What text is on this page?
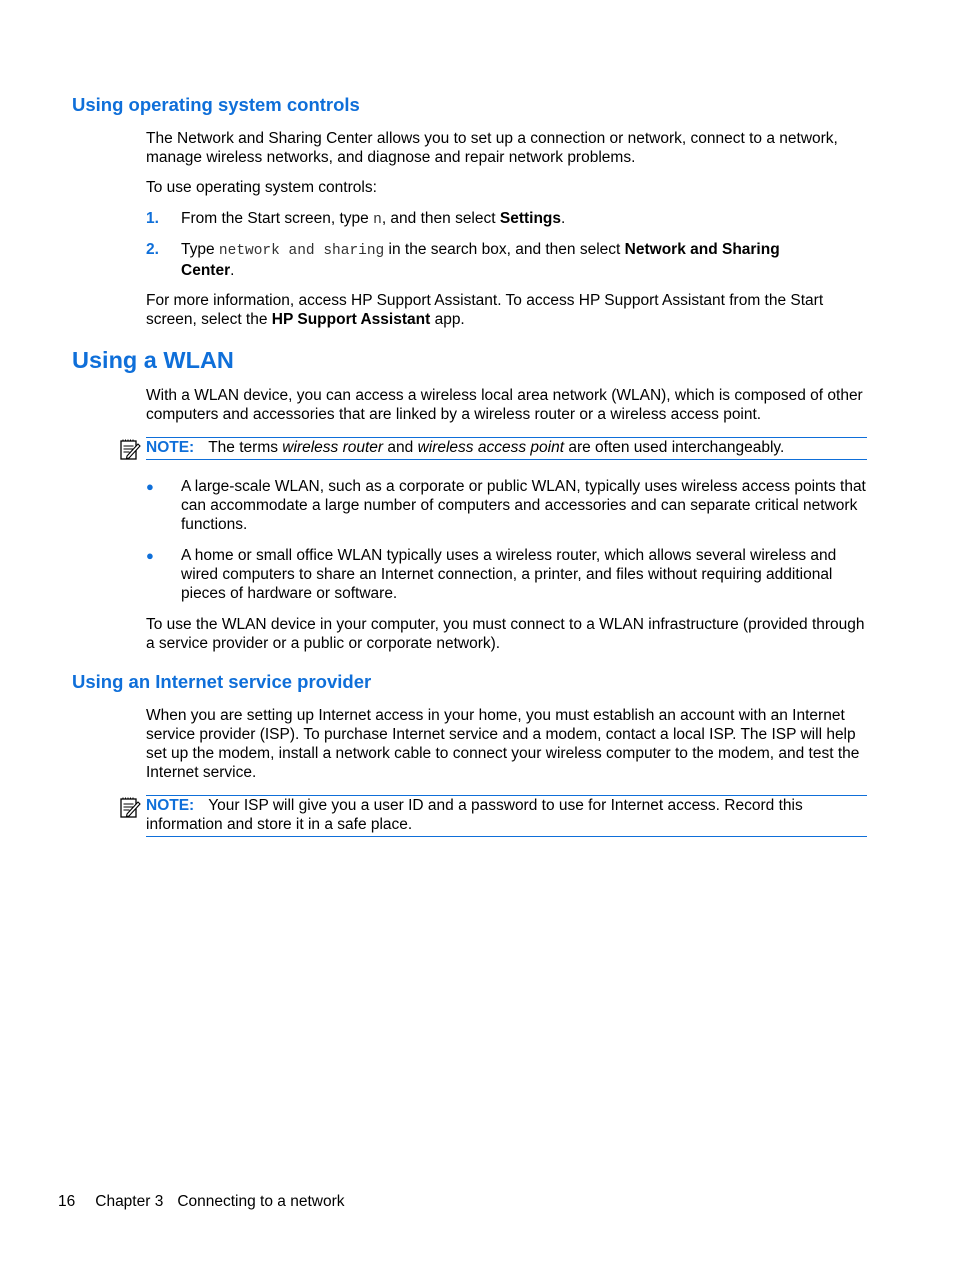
Using operating system controls

The Network and Sharing Center allows you to set up a connection or network, connect to a network, manage wireless networks, and diagnose and repair network problems.

To use operating system controls:

1. From the Start screen, type n, and then select Settings.
2. Type network and sharing in the search box, and then select Network and Sharing Center.

For more information, access HP Support Assistant. To access HP Support Assistant from the Start screen, select the HP Support Assistant app.

Using a WLAN

With a WLAN device, you can access a wireless local area network (WLAN), which is composed of other computers and accessories that are linked by a wireless router or a wireless access point.

NOTE: The terms wireless router and wireless access point are often used interchangeably.
● A large-scale WLAN, such as a corporate or public WLAN, typically uses wireless access points that can accommodate a large number of computers and accessories and can separate critical network functions.
● A home or small office WLAN typically uses a wireless router, which allows several wireless and wired computers to share an Internet connection, a printer, and files without requiring additional pieces of hardware or software.

To use the WLAN device in your computer, you must connect to a WLAN infrastructure (provided through a service provider or a public or corporate network).

Using an Internet service provider

When you are setting up Internet access in your home, you must establish an account with an Internet service provider (ISP). To purchase Internet service and a modem, contact a local ISP. The ISP will help set up the modem, install a network cable to connect your wireless computer to the modem, and test the Internet service.

NOTE: Your ISP will give you a user ID and a password to use for Internet access. Record this information and store it in a safe place.
16 Chapter 3 Connecting to a network
